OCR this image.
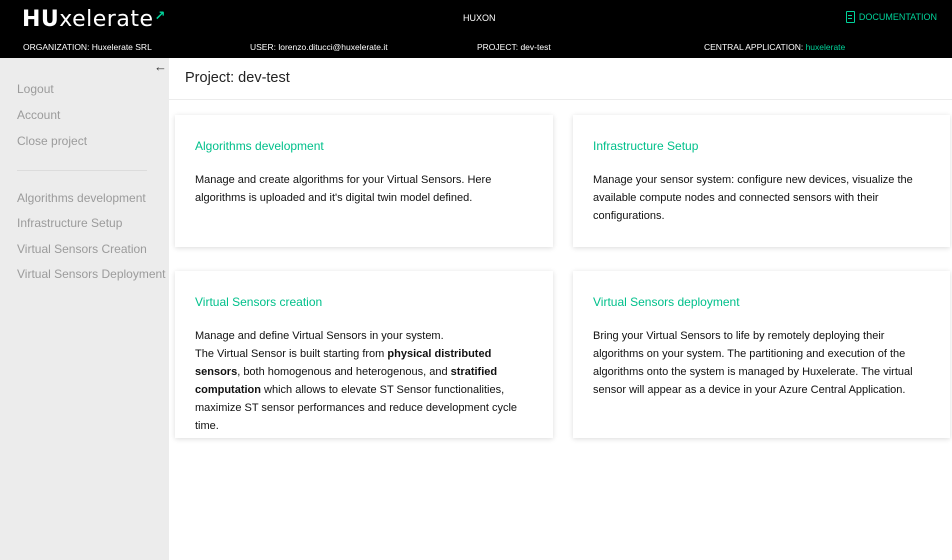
HUxelerate↗	HUXON	DOCUMENTATION
ORGANIZATION: Huxelerate SRL	USER: lorenzo.ditucci@huxelerate.it	PROJECT: dev-test	CENTRAL APPLICATION: huxelerate
←
Logout
Account
Close project
Algorithms development
Infrastructure Setup
Virtual Sensors Creation
Virtual Sensors Deployment
Project: dev-test
Algorithms development
Manage and create algorithms for your Virtual Sensors. Here algorithms is uploaded and it's digital twin model defined.
Infrastructure Setup
Manage your sensor system: configure new devices, visualize the available compute nodes and connected sensors with their configurations.
Virtual Sensors creation
Manage and define Virtual Sensors in your system.
The Virtual Sensor is built starting from physical distributed sensors, both homogenous and heterogenous, and stratified computation which allows to elevate ST Sensor functionalities, maximize ST sensor performances and reduce development cycle time.
Virtual Sensors deployment
Bring your Virtual Sensors to life by remotely deploying their algorithms on your system. The partitioning and execution of the algorithms onto the system is managed by Huxelerate. The virtual sensor will appear as a device in your Azure Central Application.
